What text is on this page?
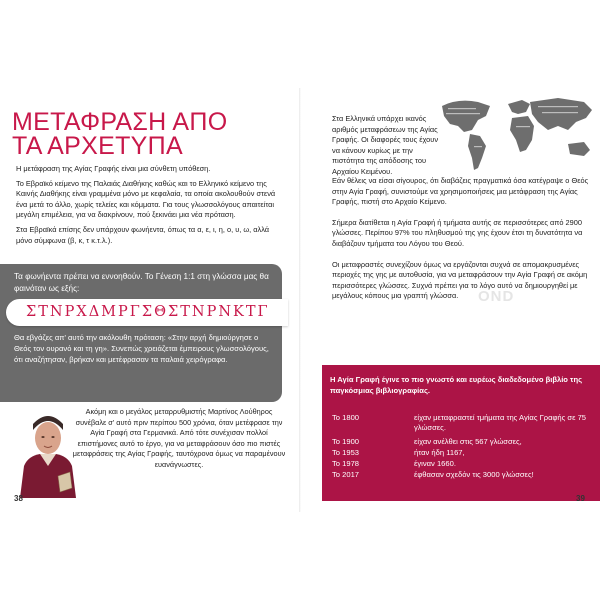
ΜΕΤΑΦΡΑΣΗ ΑΠΟ
ΤΑ ΑΡΧΕΤΥΠΑ

Η μετάφραση της Αγίας Γραφής είναι μια σύνθετη υπόθεση.

Το Εβραϊκό κείμενο της Παλαιάς Διαθήκης καθώς και το Ελληνικό κείμενο της Καινής Διαθήκης είναι γραμμένα μόνο με κεφαλαία, τα οποία ακολουθούν στενά ένα μετά το άλλο, χωρίς τελείες και κόμματα. Για τους γλωσσολόγους απαιτείται μεγάλη επιμέλεια, για να διακρίνουν, πού ξεκινάει μια νέα πρόταση.

Στα Εβραϊκά επίσης δεν υπάρχουν φωνήεντα, όπως τα α, ε, ι, η, ο, υ, ω, αλλά μόνο σύμφωνα (β, κ, τ κ.τ.λ.).

Τα φωνήεντα πρέπει να εννοηθούν. Το Γένεση 1:1 στη γλώσσα μας θα φαινόταν ως εξής:
ΣΤΝΡΧΔΜΡΓΣΘΣΤΝΡΝΚΤΓ
Θα εβγάζες απ' αυτό την ακόλουθη πρόταση: «Στην αρχή δημιούργησε ο Θεός τον ουρανό και τη γη». Συνεπώς χρειάζεται έμπειρους γλωσσολόγους, ότι αναζήτησαν, βρήκαν και μετέφρασαν τα παλαιά χειρόγραφα.
Ακόμη και ο μεγάλος μεταρρυθμιστής Μαρτίνος Λούθηρος συνέβαλε σ' αυτό πριν περίπου 500 χρόνια, όταν μετέφρασε την Αγία Γραφή στα Γερμανικά. Από τότε συνέχισαν πολλοί επιστήμονες αυτό το έργο, για να μεταφράσουν όσο πιο πιστές μεταφράσεις της Αγίας Γραφής, ταυτόχρονα όμως να παραμένουν ευανάγνωστες.
38
Στα Ελληνικά υπάρχει ικανός αριθμός μεταφράσεων της Αγίας Γραφής. Οι διαφορές τους έχουν να κάνουν κυρίως με την πιστότητα της απόδοσης του Αρχαίου Κειμένου.

Εάν θέλεις να είσαι σίγουρος, ότι διαβάζεις πραγματικά όσα κατέγραψε ο Θεός στην Αγία Γραφή, συνιστούμε να χρησιμοποιήσεις μια μετάφραση της Αγίας Γραφής, πιστή στο Αρχαίο Κείμενο.

Σήμερα διατίθεται η Αγία Γραφή ή τμήματα αυτής σε περισσότερες από 2900 γλώσσες. Περίπου 97% του πληθυσμού της γης έχουν έτσι τη δυνατότητα να διαβάζουν τμήματα του Λόγου του Θεού.

Οι μεταφραστές συνεχίζουν όμως να εργάζονται συχνά σε απομακρυσμένες περιοχές της γης με αυτοθυσία, για να μεταφράσουν την Αγία Γραφή σε ακόμη περισσότερες γλώσσες. Συχνά πρέπει για το λόγο αυτό να δημιουργηθεί με μεγάλους κόπους μια γραπτή γλώσσα.	OND
Η Αγία Γραφή έγινε το πιο γνωστό και ευρέως διαδεδομένο βιβλίο της παγκόσμιας βιβλιογραφίας.
Το 1800	είχαν μεταφραστεί τμήματα της Αγίας Γραφής σε 75 γλώσσες.
Το 1900	είχαν ανέλθει στις 567 γλώσσες,
Το 1953	ήταν ήδη 1167,
Το 1978	έγιναν 1660.
Το 2017	έφθασαν σχεδόν τις 3000 γλώσσες!
39
